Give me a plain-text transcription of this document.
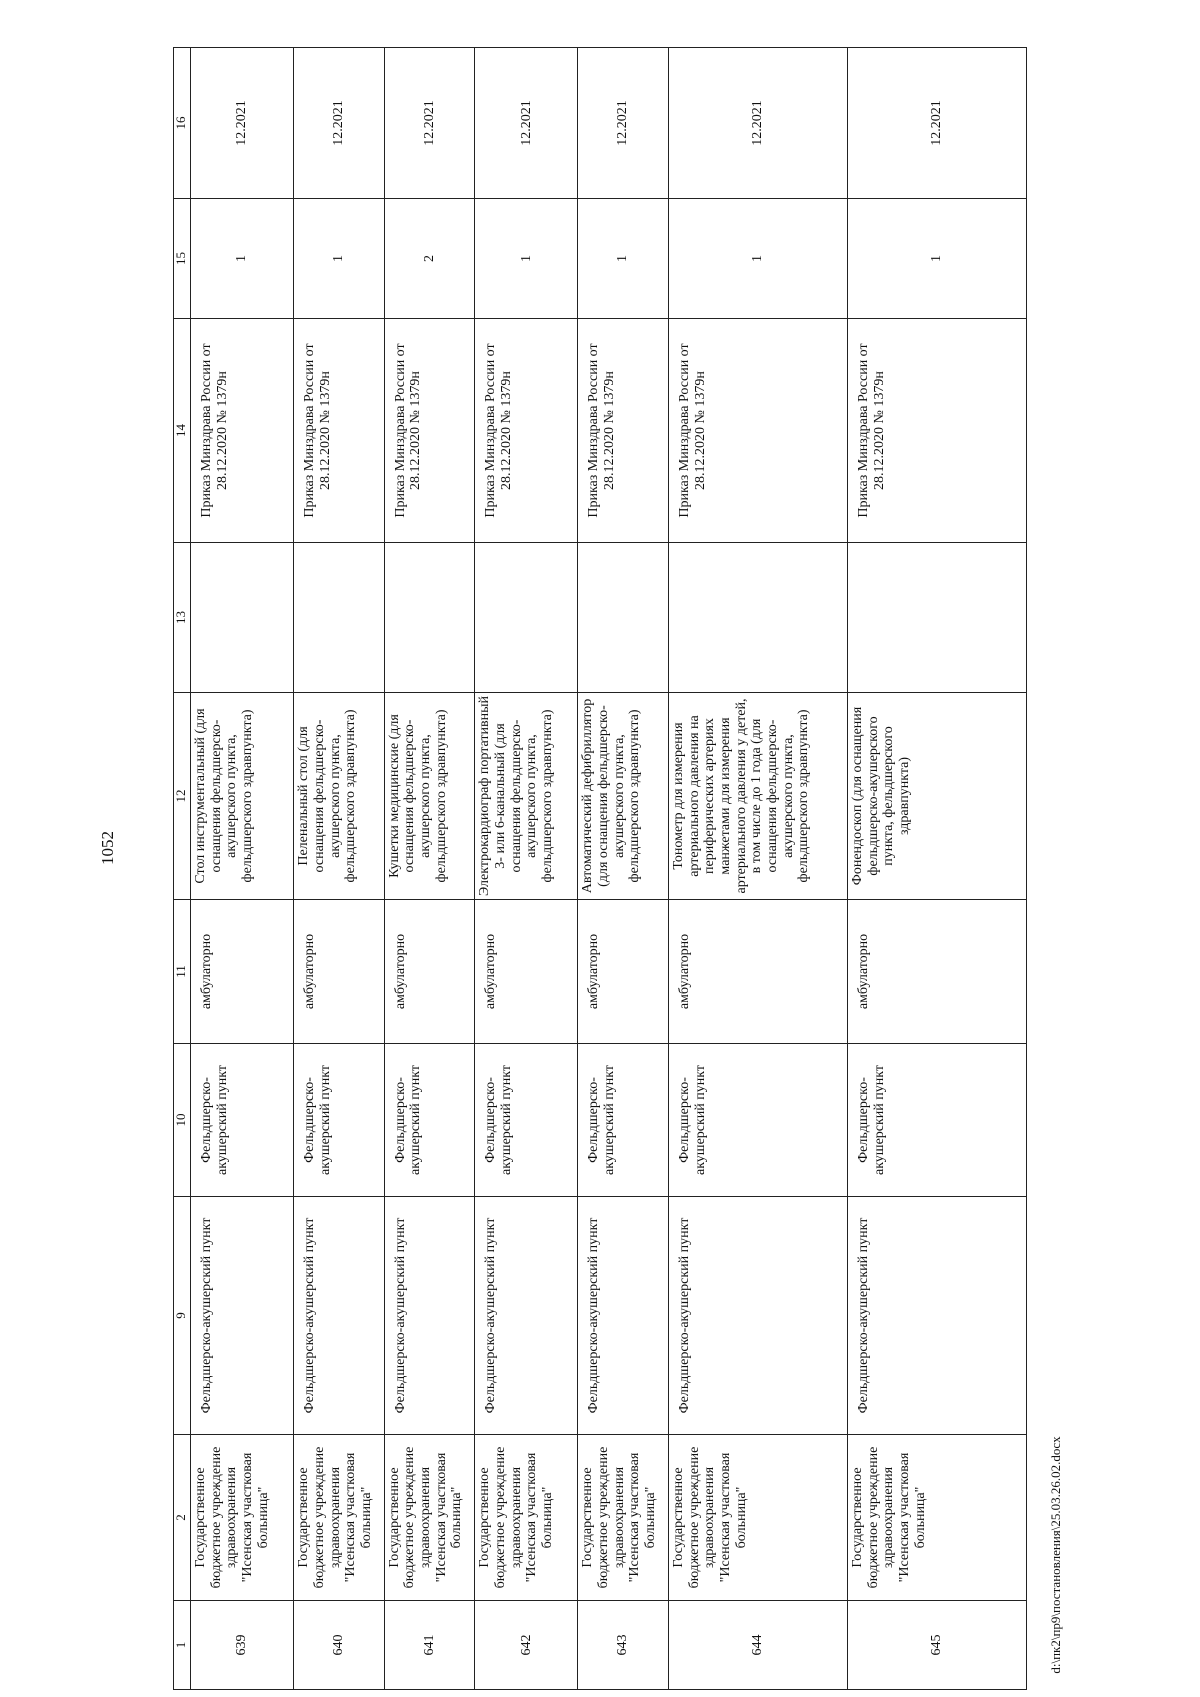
1052
1	2	9	10	11	12	13	14	15	16
639	Государственное бюджетное учреждение здравоохранения "Исенская участковая больница"	Фельдшерско-акушерский пункт	Фельдшерско-акушерский пункт	амбулаторно	Стол инструментальный (для оснащения фельдшерско-акушерского пункта, фельдшерского здравпункта)		Приказ Минздрава России от 28.12.2020 № 1379н	1	12.2021
640	Государственное бюджетное учреждение здравоохранения "Исенская участковая больница"	Фельдшерско-акушерский пункт	Фельдшерско-акушерский пункт	амбулаторно	Пеленальный стол (для оснащения фельдшерско-акушерского пункта, фельдшерского здравпункта)		Приказ Минздрава России от 28.12.2020 № 1379н	1	12.2021
641	Государственное бюджетное учреждение здравоохранения "Исенская участковая больница"	Фельдшерско-акушерский пункт	Фельдшерско-акушерский пункт	амбулаторно	Кушетки медицинские (для оснащения фельдшерско-акушерского пункта, фельдшерского здравпункта)		Приказ Минздрава России от 28.12.2020 № 1379н	2	12.2021
642	Государственное бюджетное учреждение здравоохранения "Исенская участковая больница"	Фельдшерско-акушерский пункт	Фельдшерско-акушерский пункт	амбулаторно	Электрокардиограф портативный 3- или 6-канальный (для оснащения фельдшерско-акушерского пункта, фельдшерского здравпункта)		Приказ Минздрава России от 28.12.2020 № 1379н	1	12.2021
643	Государственное бюджетное учреждение здравоохранения "Исенская участковая больница"	Фельдшерско-акушерский пункт	Фельдшерско-акушерский пункт	амбулаторно	Автоматический дефибриллятор (для оснащения фельдшерско-акушерского пункта, фельдшерского здравпункта)		Приказ Минздрава России от 28.12.2020 № 1379н	1	12.2021
644	Государственное бюджетное учреждение здравоохранения "Исенская участковая больница"	Фельдшерско-акушерский пункт	Фельдшерско-акушерский пункт	амбулаторно	Тонометр для измерения артериального давления на периферических артериях манжетами для измерения артериального давления у детей, в том числе до 1 года (для оснащения фельдшерско-акушерского пункта, фельдшерского здравпункта)		Приказ Минздрава России от 28.12.2020 № 1379н	1	12.2021
645	Государственное бюджетное учреждение здравоохранения "Исенская участковая больница"	Фельдшерско-акушерский пункт	Фельдшерско-акушерский пункт	амбулаторно	Фонендоскоп (для оснащения фельдшерско-акушерского пункта, фельдшерского здравпункта)		Приказ Минздрава России от 28.12.2020 № 1379н	1	12.2021
d:\пк2\пр9\постановления\25.03.26.02.docx
